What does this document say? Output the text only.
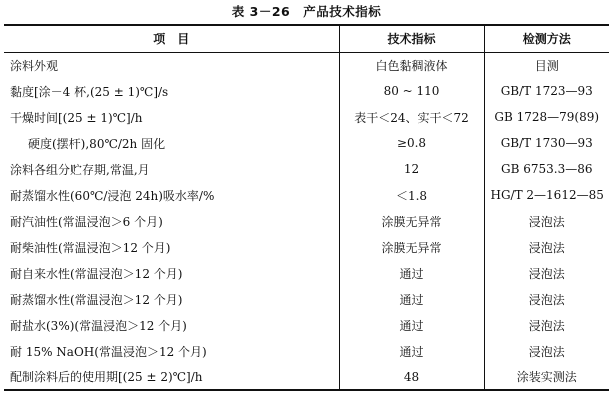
表 3－26　产品技术指标
项　目	技术指标	检测方法
涂料外观	白色黏稠液体	目测
黏度[涂－4 杯,(25 ± 1)℃]/s	80 ~ 110	GB/T 1723—93
干燥时间[(25 ± 1)℃]/h	表干＜24、实干＜72	GB 1728—79(89)
硬度(摆杆),80℃/2h 固化	≥0.8	GB/T 1730—93
涂料各组分贮存期,常温,月	12	GB 6753.3—86
耐蒸馏水性(60℃/浸泡 24h)吸水率/%	＜1.8	HG/T 2—1612—85
耐汽油性(常温浸泡＞6 个月)	涂膜无异常	浸泡法
耐柴油性(常温浸泡＞12 个月)	涂膜无异常	浸泡法
耐自来水性(常温浸泡＞12 个月)	通过	浸泡法
耐蒸馏水性(常温浸泡＞12 个月)	通过	浸泡法
耐盐水(3%)(常温浸泡＞12 个月)	通过	浸泡法
耐 15% NaOH(常温浸泡＞12 个月)	通过	浸泡法
配制涂料后的使用期[(25 ± 2)℃]/h	48	涂装实测法
